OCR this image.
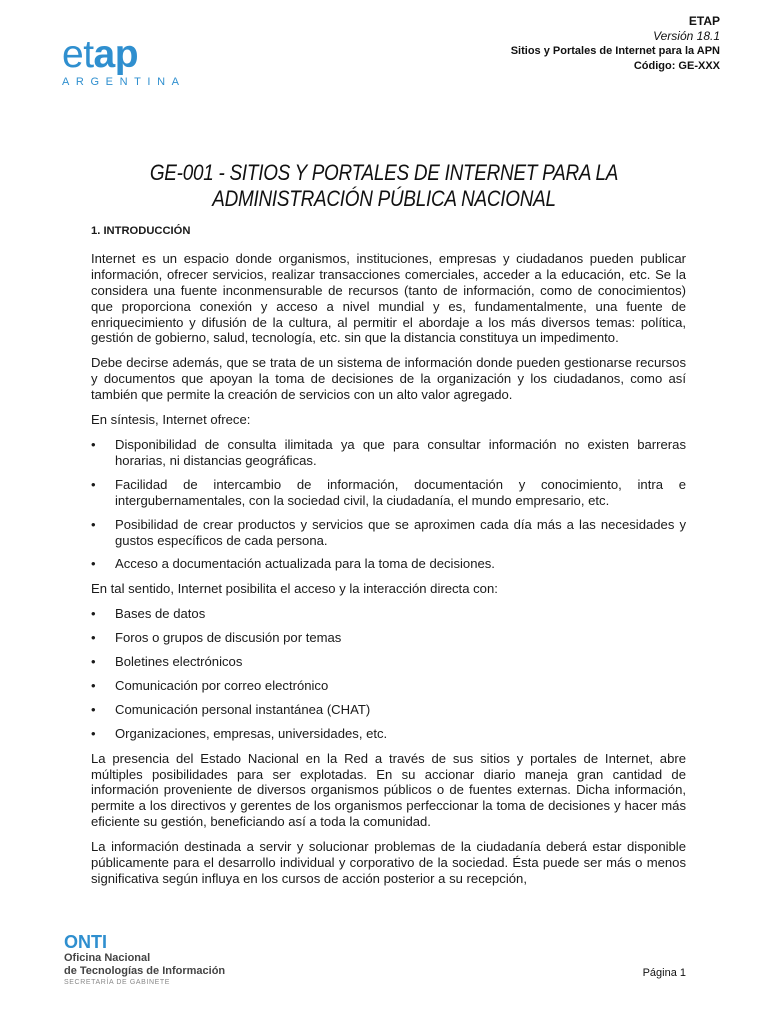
etap
ARGENTINA
ETAP
Versión 18.1
Sitios y Portales de Internet para la APN
Código: GE-XXX
GE-001 - SITIOS Y PORTALES DE INTERNET PARA LA
ADMINISTRACIÓN PÚBLICA NACIONAL
1. INTRODUCCIÓN

Internet es un espacio donde organismos, instituciones, empresas y ciudadanos pueden publicar información, ofrecer servicios, realizar transacciones comerciales, acceder a la educación, etc. Se la considera una fuente inconmensurable de recursos (tanto de información, como de conocimientos) que proporciona conexión y acceso a nivel mundial y es, fundamentalmente, una fuente de enriquecimiento y difusión de la cultura, al permitir el abordaje a los más diversos temas: política, gestión de gobierno, salud, tecnología, etc. sin que la distancia constituya un impedimento.

Debe decirse además, que se trata de un sistema de información donde pueden gestionarse recursos y documentos que apoyan la toma de decisiones de la organización y los ciudadanos, como así también que permite la creación de servicios con un alto valor agregado.

En síntesis, Internet ofrece:

• Disponibilidad de consulta ilimitada ya que para consultar información no existen barreras horarias, ni distancias geográficas.
• Facilidad de intercambio de información, documentación y conocimiento, intra e intergubernamentales, con la sociedad civil, la ciudadanía, el mundo empresario, etc.
• Posibilidad de crear productos y servicios que se aproximen cada día más a las necesidades y gustos específicos de cada persona.
• Acceso a documentación actualizada para la toma de decisiones.

En tal sentido, Internet posibilita el acceso y la interacción directa con:

• Bases de datos
• Foros o grupos de discusión por temas
• Boletines electrónicos
• Comunicación por correo electrónico
• Comunicación personal instantánea (CHAT)
• Organizaciones, empresas, universidades, etc.

La presencia del Estado Nacional en la Red a través de sus sitios y portales de Internet, abre múltiples posibilidades para ser explotadas. En su accionar diario maneja gran cantidad de información proveniente de diversos organismos públicos o de fuentes externas. Dicha información, permite a los directivos y gerentes de los organismos perfeccionar la toma de decisiones y hacer más eficiente su gestión, beneficiando así a toda la comunidad.

La información destinada a servir y solucionar problemas de la ciudadanía deberá estar disponible públicamente para el desarrollo individual y corporativo de la sociedad. Ésta puede ser más o menos significativa según influya en los cursos de acción posterior a su recepción,

ONTI
Oficina Nacional
de Tecnologías de Información
SECRETARÍA DE GABINETE
Página 1
